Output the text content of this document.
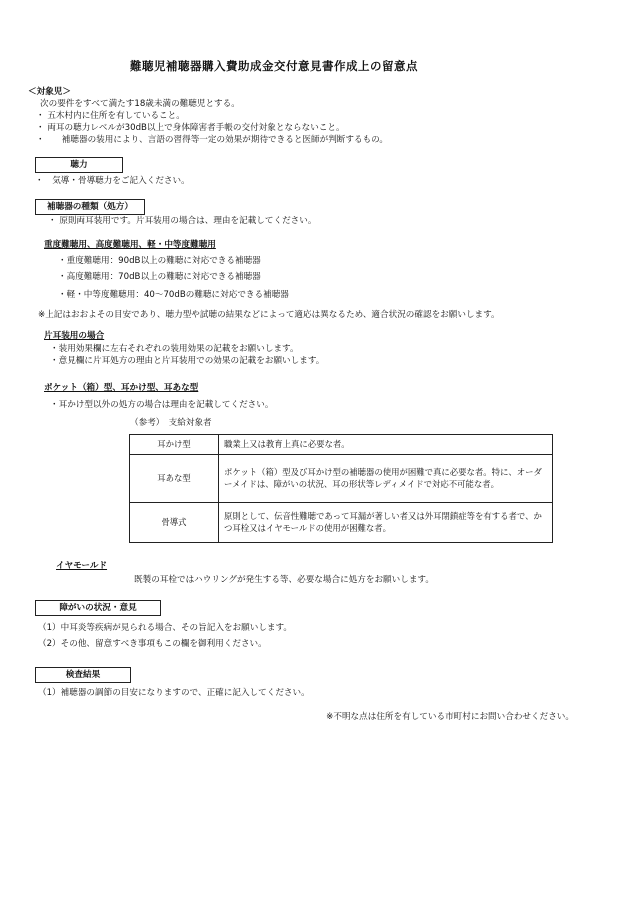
難聴児補聴器購入費助成金交付意見書作成上の留意点
＜対象児＞
次の要件をすべて満たす18歳未満の難聴児とする。
・ 五木村内に住所を有していること。
・ 両耳の聴力レベルが30dB以上で身体障害者手帳の交付対象とならないこと。
・　　補聴器の装用により、言語の習得等一定の効果が期待できると医師が判断するもの。
聴力
・　気導・骨導聴力をご記入ください。
補聴器の種類（処方）
・ 原則両耳装用です。片耳装用の場合は、理由を記載してください。
重度難聴用、高度難聴用、軽・中等度難聴用
・重度難聴用：90dB以上の難聴に対応できる補聴器
・高度難聴用：70dB以上の難聴に対応できる補聴器
・軽・中等度難聴用：40～70dBの難聴に対応できる補聴器
※上記はおおよその目安であり、聴力型や試聴の結果などによって適応は異なるため、適合状況の確認をお願いします。
片耳装用の場合
・装用効果欄に左右それぞれの装用効果の記載をお願いします。
・意見欄に片耳処方の理由と片耳装用での効果の記載をお願いします。
ポケット（箱）型、耳かけ型、耳あな型
・耳かけ型以外の処方の場合は理由を記載してください。
（参考）　支給対象者
耳かけ型	職業上又は教育上真に必要な者。
耳あな型	ポケット（箱）型及び耳かけ型の補聴器の使用が困難で真に必要な者。特に、オーダーメイドは、障がいの状況、耳の形状等レディメイドで対応不可能な者。
骨導式	原則として、伝音性難聴であって耳漏が著しい者又は外耳閉鎖症等を有する者で、かつ耳栓又はイヤモールドの使用が困難な者。
イヤモールド
既製の耳栓ではハウリングが発生する等、必要な場合に処方をお願いします。
障がいの状況・意見
（1）中耳炎等疾病が見られる場合、その旨記入をお願いします。
（2）その他、留意すべき事項もこの欄を御利用ください。
検査結果
（1）補聴器の調節の目安になりますので、正確に記入してください。
※不明な点は住所を有している市町村にお問い合わせください。
